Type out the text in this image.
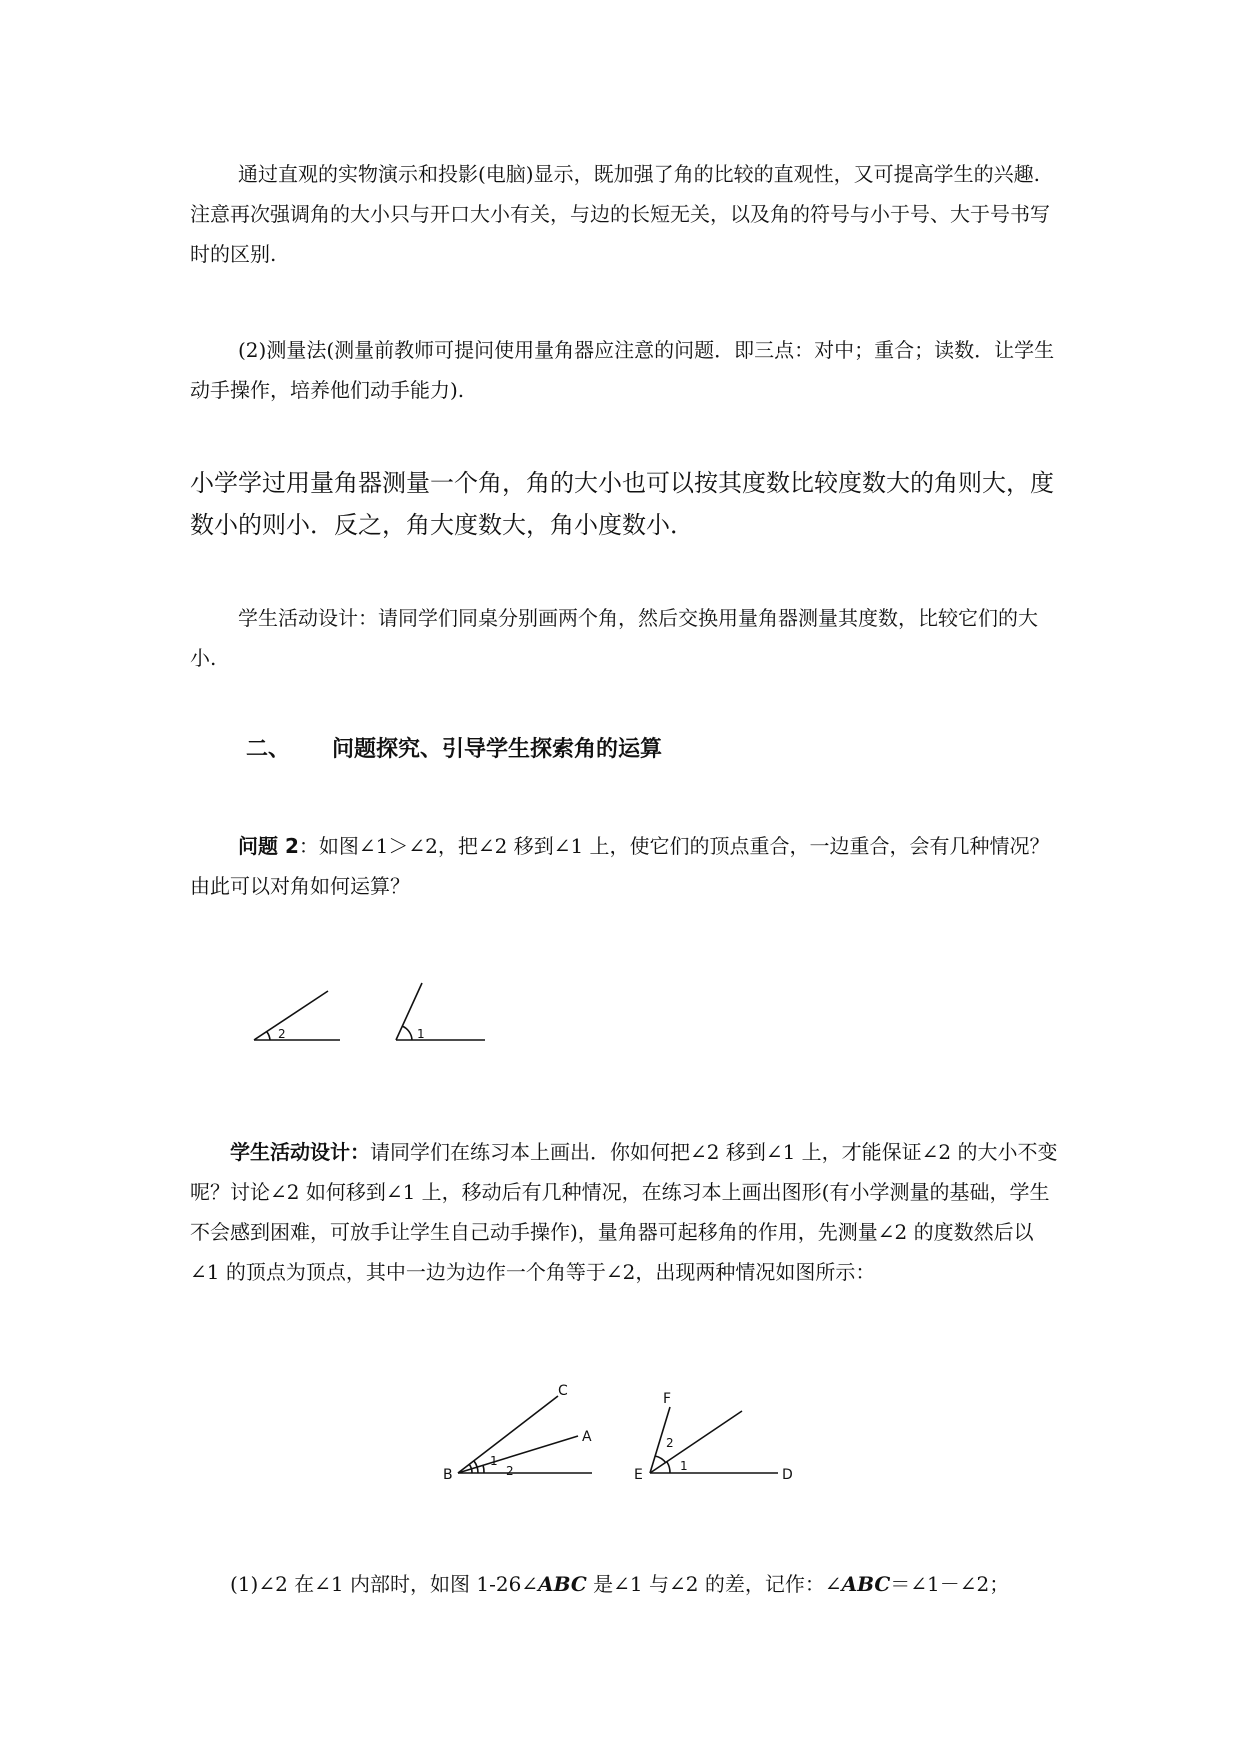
通过直观的实物演示和投影(电脑)显示，既加强了角的比较的直观性，又可提高学生的兴趣. 注意再次强调角的大小只与开口大小有关，与边的长短无关，以及角的符号与小于号、大于号书写时的区别.

(2)测量法(测量前教师可提问使用量角器应注意的问题．即三点：对中；重合；读数．让学生动手操作，培养他们动手能力).

小学学过用量角器测量一个角，角的大小也可以按其度数比较度数大的角则大，度数小的则小．反之，角大度数大，角小度数小．

学生活动设计：请同学们同桌分别画两个角，然后交换用量角器测量其度数，比较它们的大小.

二、 问题探究、引导学生探索角的运算

问题 2：如图∠1＞∠2，把∠2 移到∠1 上，使它们的顶点重合，一边重合，会有几种情况？ 由此可以对角如何运算？

2	1

学生活动设计：请同学们在练习本上画出．你如何把∠2 移到∠1 上，才能保证∠2 的大小不变呢？讨论∠2 如何移到∠1 上，移动后有几种情况，在练习本上画出图形(有小学测量的基础，学生不会感到困难，可放手让学生自己动手操作)，量角器可起移角的作用，先测量∠2 的度数然后以∠1 的顶点为顶点，其中一边为边作一个角等于∠2，出现两种情况如图所示：

B
A
C
1
2	E	D
F
1
2

(1)∠2 在∠1 内部时，如图 1-26∠ABC 是∠1 与∠2 的差，记作：∠ABC＝∠1－∠2；
